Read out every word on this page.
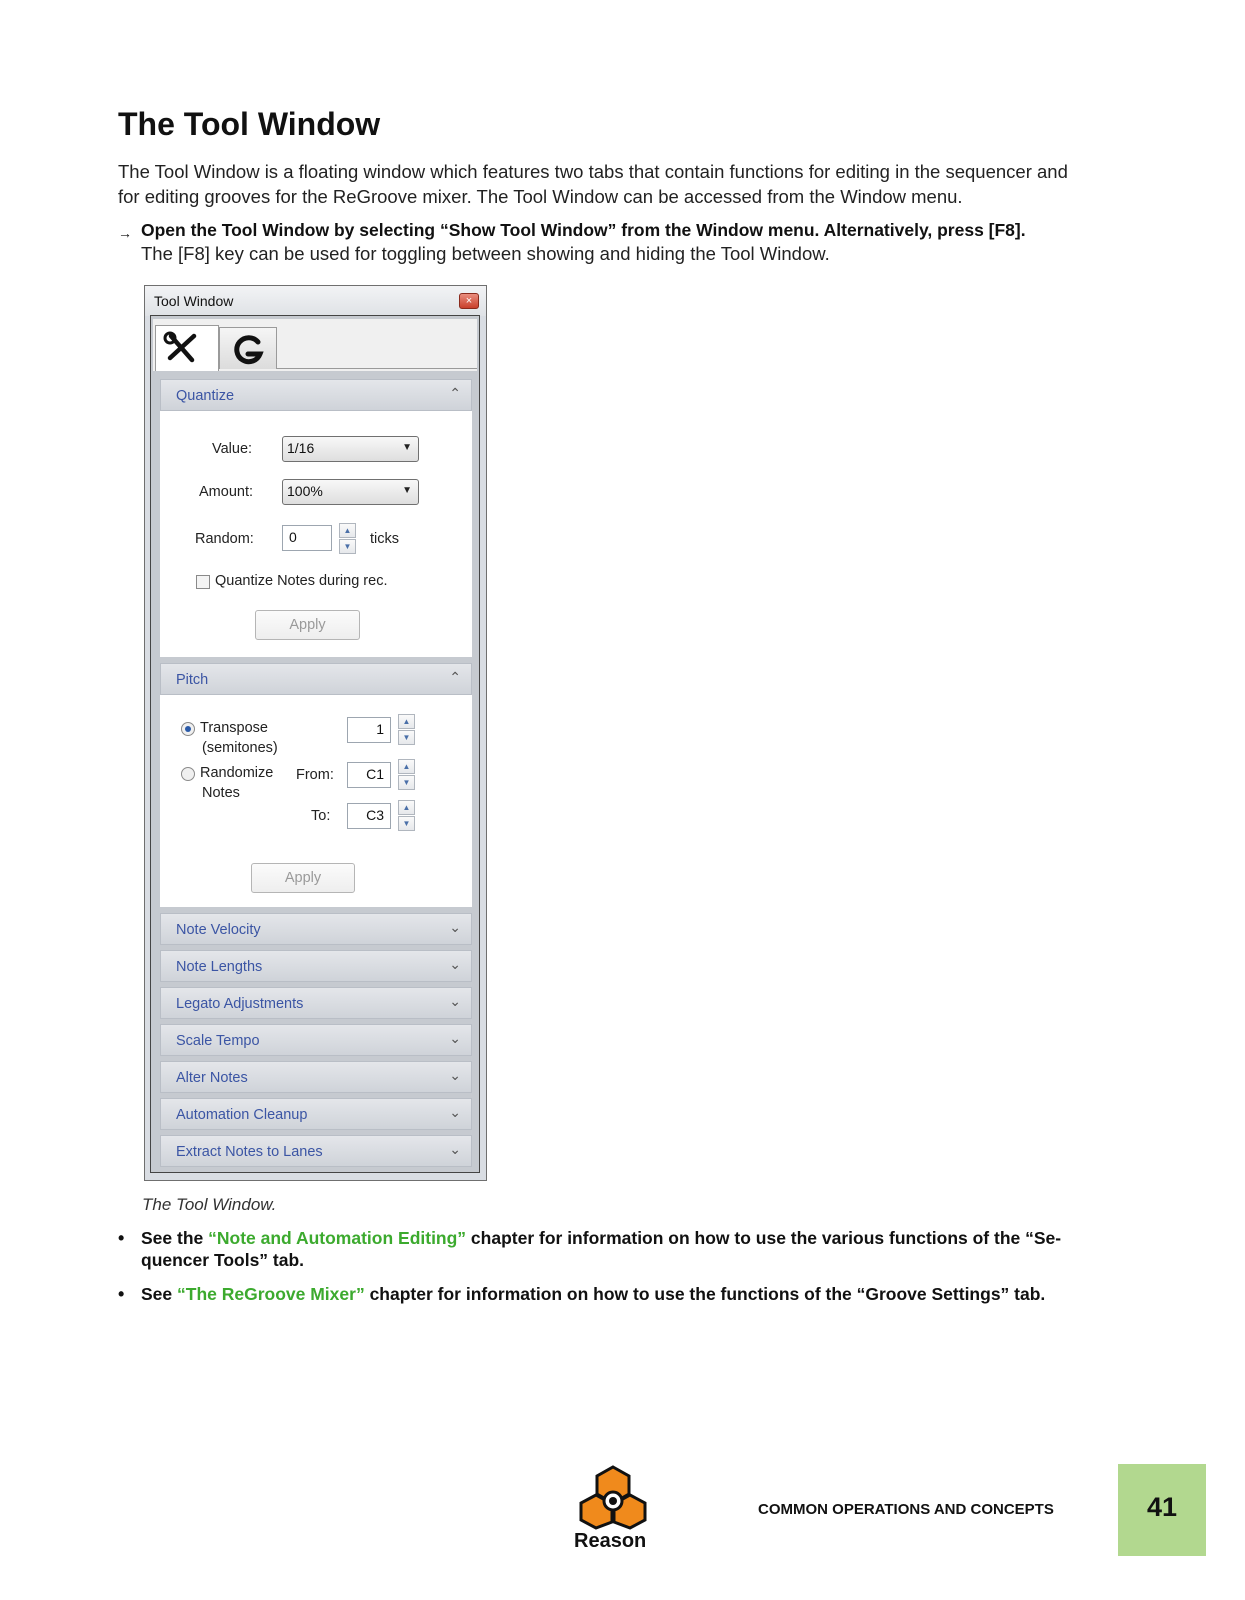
The Tool Window
The Tool Window is a floating window which features two tabs that contain functions for editing in the sequencer and
for editing grooves for the ReGroove mixer. The Tool Window can be accessed from the Window menu.
→ Open the Tool Window by selecting “Show Tool Window” from the Window menu. Alternatively, press [F8].
The [F8] key can be used for toggling between showing and hiding the Tool Window.
Tool Window	×
Quantize	⌃
Value:	1/16	▼
Amount:	100%	▼
Random:	0	▲
▼	ticks
Quantize Notes during rec.
Apply
Pitch	⌃
Transpose
(semitones)
1	▲
▼
Randomize
Notes
From:	C1	▲
▼
To:	C3	▲
▼
Apply
Note Velocity	⌄
Note Lengths	⌄
Legato Adjustments	⌄
Scale Tempo	⌄
Alter Notes	⌄
Automation Cleanup	⌄
Extract Notes to Lanes	⌄
The Tool Window.
• See the “Note and Automation Editing” chapter for information on how to use the various functions of the “Se-
quencer Tools” tab.
• See “The ReGroove Mixer” chapter for information on how to use the functions of the “Groove Settings” tab.
Reason
COMMON OPERATIONS AND CONCEPTS	41
